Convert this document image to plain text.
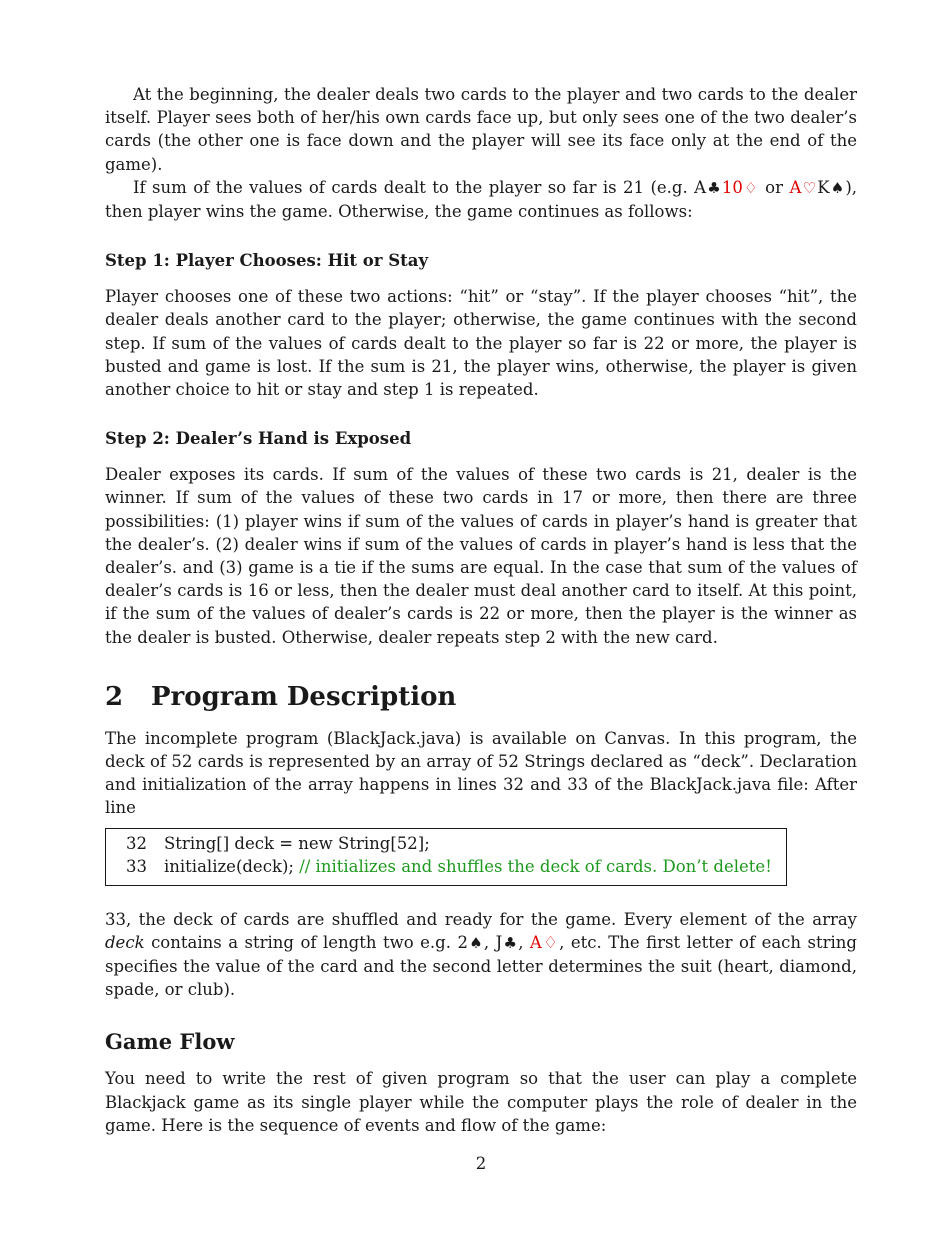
At the beginning, the dealer deals two cards to the player and two cards to the dealer itself. Player sees both of her/his own cards face up, but only sees one of the two dealer’s cards (the other one is face down and the player will see its face only at the end of the game).

If sum of the values of cards dealt to the player so far is 21 (e.g. A♣10♢ or A♡K♠), then player wins the game. Otherwise, the game continues as follows:

Step 1: Player Chooses: Hit or Stay

Player chooses one of these two actions: “hit” or “stay”. If the player chooses “hit”, the dealer deals another card to the player; otherwise, the game continues with the second step. If sum of the values of cards dealt to the player so far is 22 or more, the player is busted and game is lost. If the sum is 21, the player wins, otherwise, the player is given another choice to hit or stay and step 1 is repeated.

Step 2: Dealer’s Hand is Exposed

Dealer exposes its cards. If sum of the values of these two cards is 21, dealer is the winner. If sum of the values of these two cards in 17 or more, then there are three possibilities: (1) player wins if sum of the values of cards in player’s hand is greater that the dealer’s. (2) dealer wins if sum of the values of cards in player’s hand is less that the dealer’s. and (3) game is a tie if the sums are equal. In the case that sum of the values of dealer’s cards is 16 or less, then the dealer must deal another card to itself. At this point, if the sum of the values of dealer’s cards is 22 or more, then the player is the winner as the dealer is busted. Otherwise, dealer repeats step 2 with the new card.

2 Program Description

The incomplete program (BlackJack.java) is available on Canvas. In this program, the deck of 52 cards is represented by an array of 52 Strings declared as “deck”. Declaration and initialization of the array happens in lines 32 and 33 of the BlackJack.java file: After line

32 String[] deck = new String[52];
33 initialize(deck); // initializes and shuffles the deck of cards. Don’t delete!

33, the deck of cards are shuffled and ready for the game. Every element of the array deck contains a string of length two e.g. 2♠, J♣, A♢, etc. The first letter of each string specifies the value of the card and the second letter determines the suit (heart, diamond, spade, or club).

Game Flow

You need to write the rest of given program so that the user can play a complete Blackjack game as its single player while the computer plays the role of dealer in the game. Here is the sequence of events and flow of the game:

2
